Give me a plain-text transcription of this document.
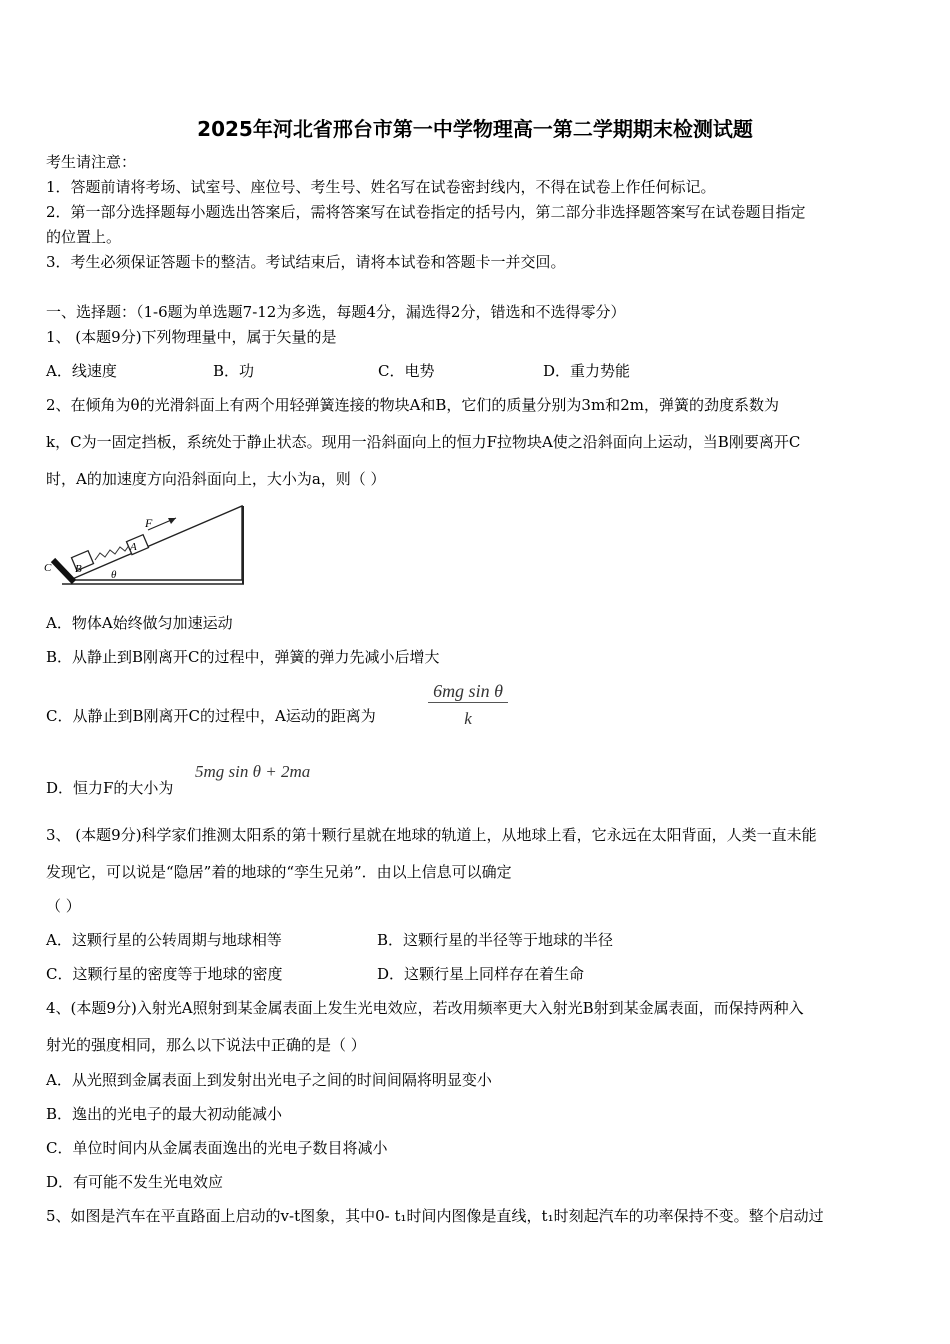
2025年河北省邢台市第一中学物理高一第二学期期末检测试题
考生请注意：
1．答题前请将考场、试室号、座位号、考生号、姓名写在试卷密封线内，不得在试卷上作任何标记。
2．第一部分选择题每小题选出答案后，需将答案写在试卷指定的括号内，第二部分非选择题答案写在试卷题目指定
的位置上。
3．考生必须保证答题卡的整洁。考试结束后，请将本试卷和答题卡一并交回。
一、选择题：（1-6题为单选题7-12为多选，每题4分，漏选得2分，错选和不选得零分）
1、 (本题9分)下列物理量中，属于矢量的是
A．线速度	B．功	C．电势	D．重力势能
2、在倾角为θ的光滑斜面上有两个用轻弹簧连接的物块A和B，它们的质量分别为3m和2m，弹簧的劲度系数为
k，C为一固定挡板，系统处于静止状态。现用一沿斜面向上的恒力F拉物块A使之沿斜面向上运动，当B刚要离开C
时，A的加速度方向沿斜面向上，大小为a，则（ ）
F
A
B
C
θ
A．物体A始终做匀加速运动
B．从静止到B刚离开C的过程中，弹簧的弹力先减小后增大
C．从静止到B刚离开C的过程中，A运动的距离为	$\frac{\text{6mg sin θ}}{k}$
D．恒力F的大小为
5mg sin θ + 2ma
3、 (本题9分)科学家们推测太阳系的第十颗行星就在地球的轨道上，从地球上看，它永远在太阳背面，人类一直未能
发现它，可以说是“隐居”着的地球的“孪生兄弟”．由以上信息可以确定
（ ）
A．这颗行星的公转周期与地球相等	B．这颗行星的半径等于地球的半径
C．这颗行星的密度等于地球的密度	D．这颗行星上同样存在着生命
4、(本题9分)入射光A照射到某金属表面上发生光电效应，若改用频率更大入射光B射到某金属表面，而保持两种入
射光的强度相同，那么以下说法中正确的是（ ）
A．从光照到金属表面上到发射出光电子之间的时间间隔将明显变小
B．逸出的光电子的最大初动能减小
C．单位时间内从金属表面逸出的光电子数目将减小
D．有可能不发生光电效应
5、如图是汽车在平直路面上启动的v-t图象，其中0- t₁时间内图像是直线，t₁时刻起汽车的功率保持不变。整个启动过
